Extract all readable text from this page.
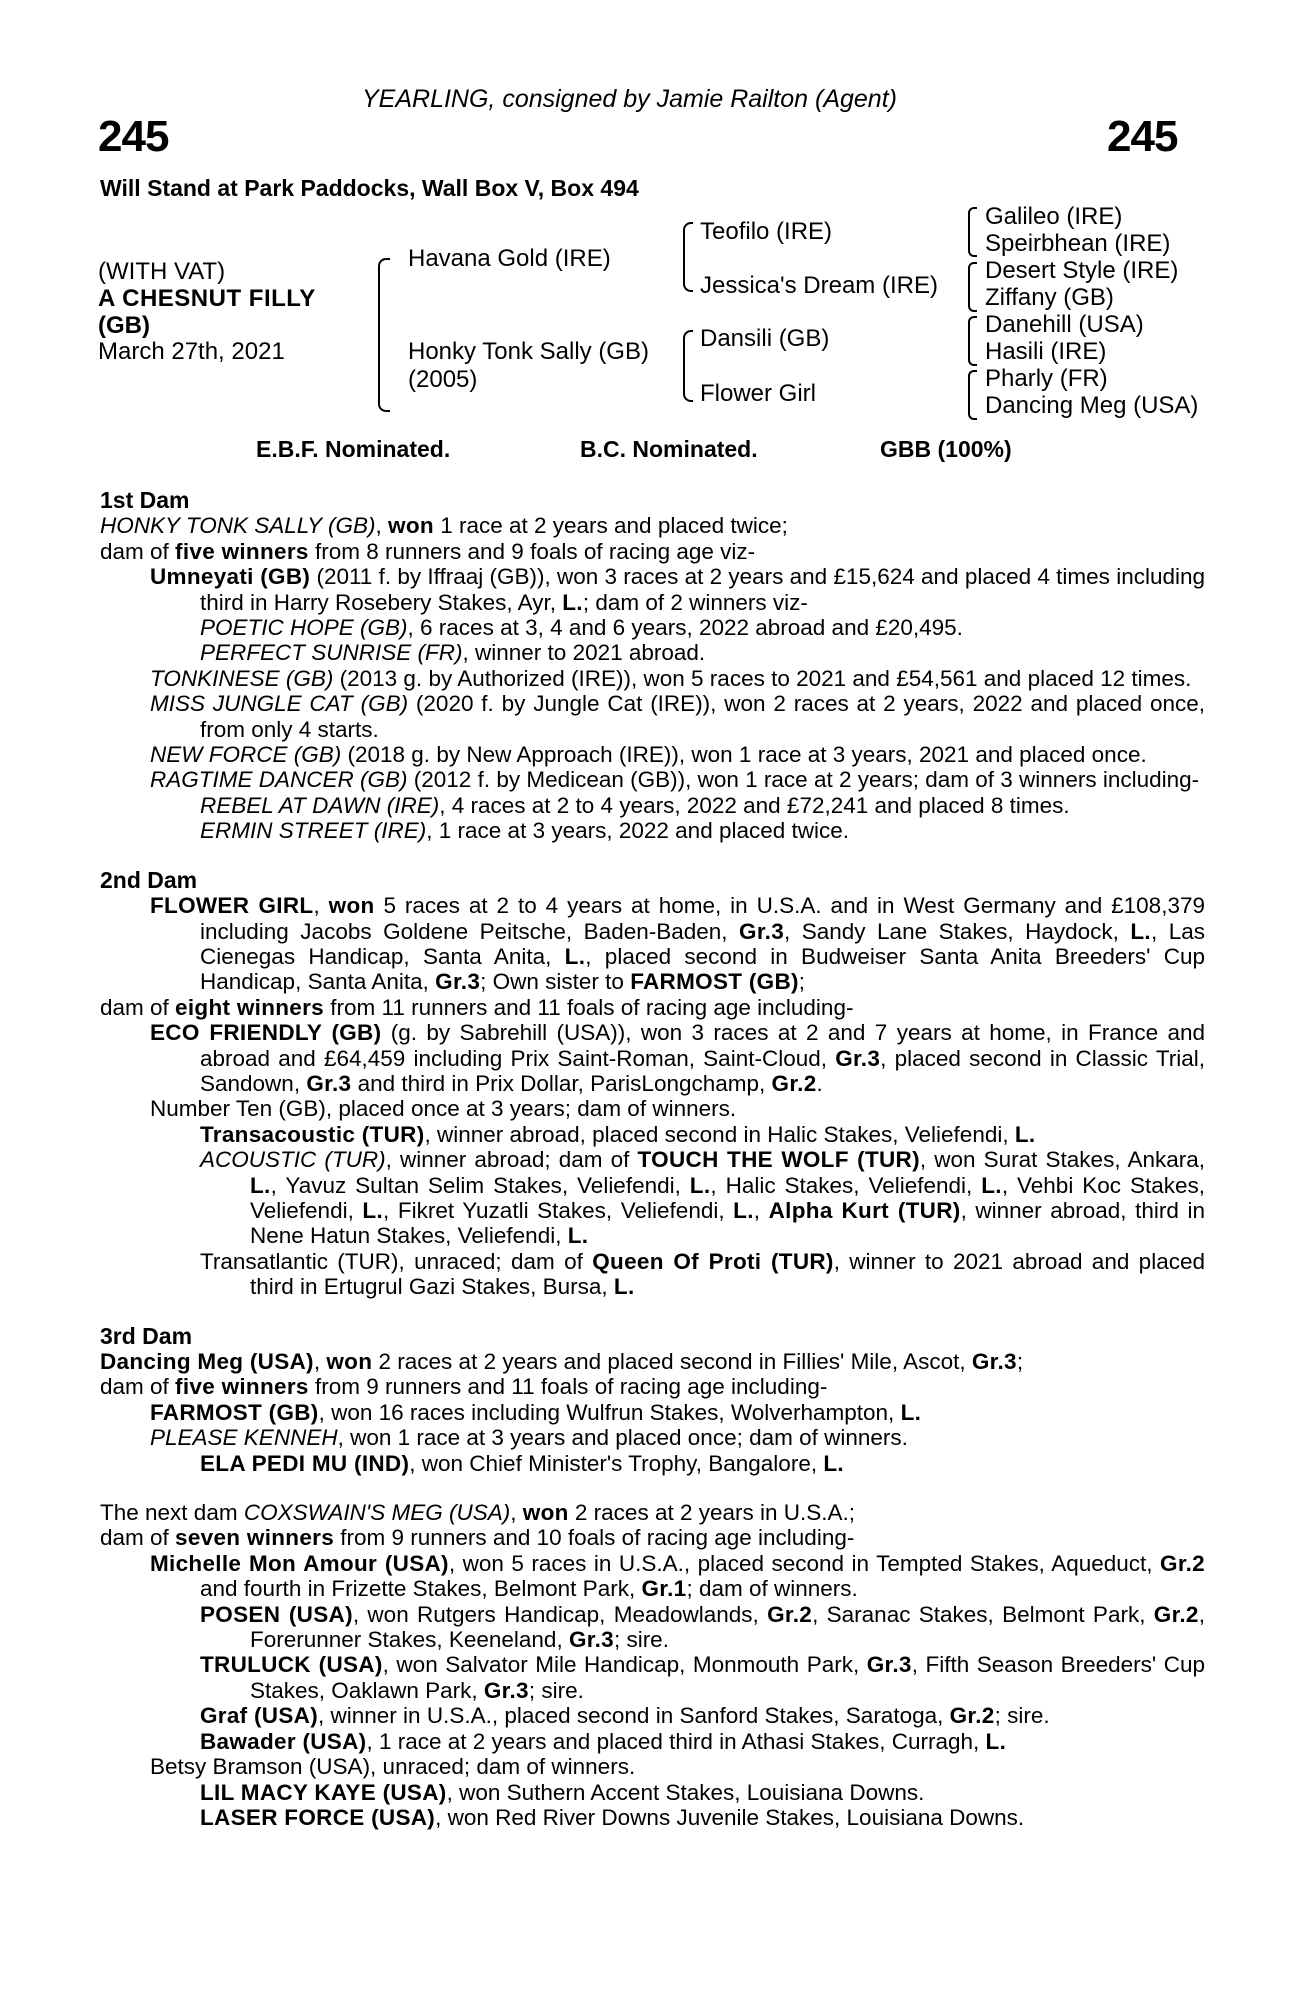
245	245
YEARLING, consigned by Jamie Railton (Agent)
Will Stand at Park Paddocks, Wall Box V, Box 494
(WITH VAT)
A CHESNUT FILLY
(GB)
March 27th, 2021
Havana Gold (IRE)
Honky Tonk Sally (GB)
(2005)
Teofilo (IRE)
Jessica's Dream (IRE)
Dansili (GB)
Flower Girl
Galileo (IRE)
Speirbhean (IRE)
Desert Style (IRE)
Ziffany (GB)
Danehill (USA)
Hasili (IRE)
Pharly (FR)
Dancing Meg (USA)
E.B.F. Nominated.	B.C. Nominated.	GBB (100%)
1st Dam

HONKY TONK SALLY (GB), won 1 race at 2 years and placed twice;

dam of five winners from 8 runners and 9 foals of racing age viz-

Umneyati (GB) (2011 f. by Iffraaj (GB)), won 3 races at 2 years and £15,624 and placed 4 times including third in Harry Rosebery Stakes, Ayr, L.; dam of 2 winners viz-

POETIC HOPE (GB), 6 races at 3, 4 and 6 years, 2022 abroad and £20,495.

PERFECT SUNRISE (FR), winner to 2021 abroad.

TONKINESE (GB) (2013 g. by Authorized (IRE)), won 5 races to 2021 and £54,561 and placed 12 times.

MISS JUNGLE CAT (GB) (2020 f. by Jungle Cat (IRE)), won 2 races at 2 years, 2022 and placed once, from only 4 starts.

NEW FORCE (GB) (2018 g. by New Approach (IRE)), won 1 race at 3 years, 2021 and placed once.

RAGTIME DANCER (GB) (2012 f. by Medicean (GB)), won 1 race at 2 years; dam of 3 winners including-

REBEL AT DAWN (IRE), 4 races at 2 to 4 years, 2022 and £72,241 and placed 8 times.

ERMIN STREET (IRE), 1 race at 3 years, 2022 and placed twice.

2nd Dam

FLOWER GIRL, won 5 races at 2 to 4 years at home, in U.S.A. and in West Germany and £108,379 including Jacobs Goldene Peitsche, Baden-Baden, Gr.3, Sandy Lane Stakes, Haydock, L., Las Cienegas Handicap, Santa Anita, L., placed second in Budweiser Santa Anita Breeders' Cup Handicap, Santa Anita, Gr.3; Own sister to FARMOST (GB);

dam of eight winners from 11 runners and 11 foals of racing age including-

ECO FRIENDLY (GB) (g. by Sabrehill (USA)), won 3 races at 2 and 7 years at home, in France and abroad and £64,459 including Prix Saint-Roman, Saint-Cloud, Gr.3, placed second in Classic Trial, Sandown, Gr.3 and third in Prix Dollar, ParisLongchamp, Gr.2.

Number Ten (GB), placed once at 3 years; dam of winners.

Transacoustic (TUR), winner abroad, placed second in Halic Stakes, Veliefendi, L.

ACOUSTIC (TUR), winner abroad; dam of TOUCH THE WOLF (TUR), won Surat Stakes, Ankara, L., Yavuz Sultan Selim Stakes, Veliefendi, L., Halic Stakes, Veliefendi, L., Vehbi Koc Stakes, Veliefendi, L., Fikret Yuzatli Stakes, Veliefendi, L., Alpha Kurt (TUR), winner abroad, third in Nene Hatun Stakes, Veliefendi, L.

Transatlantic (TUR), unraced; dam of Queen Of Proti (TUR), winner to 2021 abroad and placed third in Ertugrul Gazi Stakes, Bursa, L.

3rd Dam

Dancing Meg (USA), won 2 races at 2 years and placed second in Fillies' Mile, Ascot, Gr.3;

dam of five winners from 9 runners and 11 foals of racing age including-

FARMOST (GB), won 16 races including Wulfrun Stakes, Wolverhampton, L.

PLEASE KENNEH, won 1 race at 3 years and placed once; dam of winners.

ELA PEDI MU (IND), won Chief Minister's Trophy, Bangalore, L.

The next dam COXSWAIN'S MEG (USA), won 2 races at 2 years in U.S.A.;

dam of seven winners from 9 runners and 10 foals of racing age including-

Michelle Mon Amour (USA), won 5 races in U.S.A., placed second in Tempted Stakes, Aqueduct, Gr.2 and fourth in Frizette Stakes, Belmont Park, Gr.1; dam of winners.

POSEN (USA), won Rutgers Handicap, Meadowlands, Gr.2, Saranac Stakes, Belmont Park, Gr.2, Forerunner Stakes, Keeneland, Gr.3; sire.

TRULUCK (USA), won Salvator Mile Handicap, Monmouth Park, Gr.3, Fifth Season Breeders' Cup Stakes, Oaklawn Park, Gr.3; sire.

Graf (USA), winner in U.S.A., placed second in Sanford Stakes, Saratoga, Gr.2; sire.

Bawader (USA), 1 race at 2 years and placed third in Athasi Stakes, Curragh, L.

Betsy Bramson (USA), unraced; dam of winners.

LIL MACY KAYE (USA), won Suthern Accent Stakes, Louisiana Downs.

LASER FORCE (USA), won Red River Downs Juvenile Stakes, Louisiana Downs.
